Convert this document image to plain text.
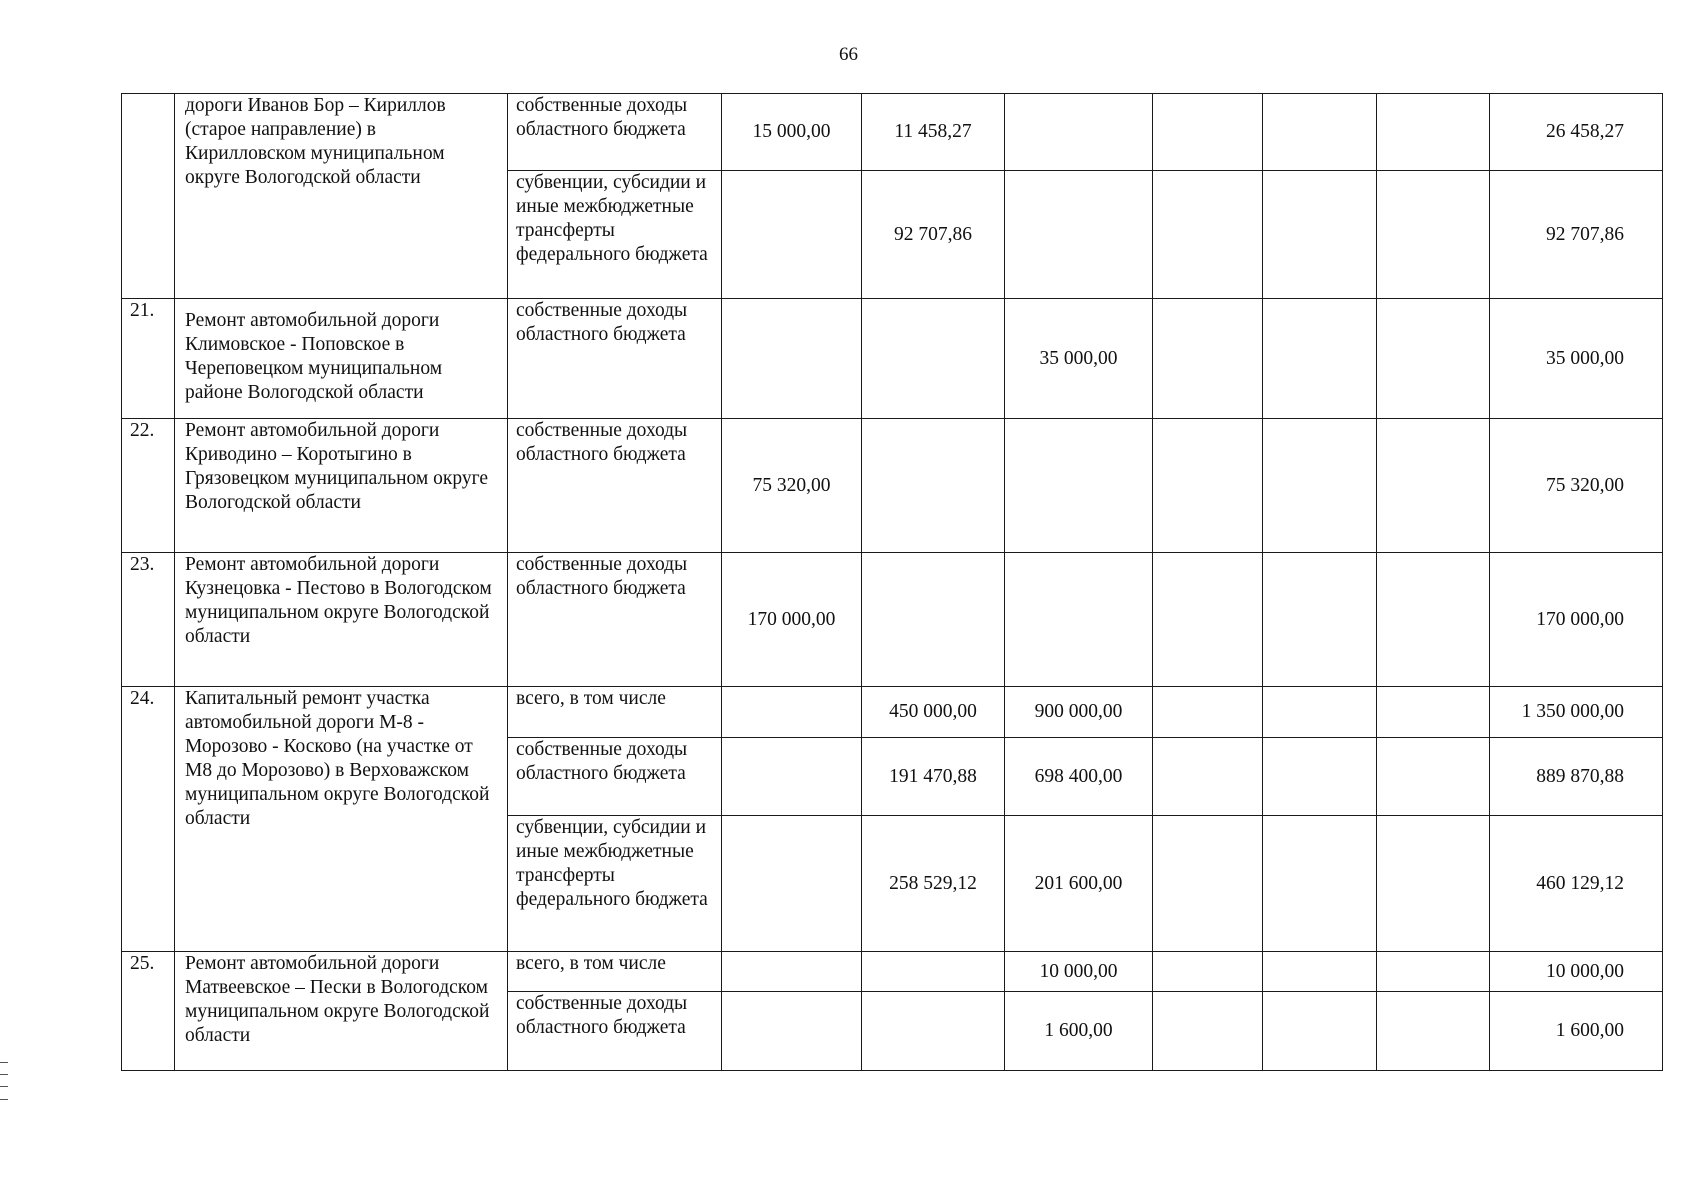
66
	дороги Иванов Бор – Кириллов (старое направление) в Кирилловском муниципальном округе Вологодской области	собственные доходы областного бюджета	15 000,00	11 458,27					26 458,27
		субвенции, субсидии и иные межбюджетные трансферты федерального бюджета		92 707,86					92 707,86
21.	Ремонт автомобильной дороги Климовское - Поповское в Череповецком муниципальном районе Вологодской области	собственные доходы областного бюджета			35 000,00				35 000,00
22.	Ремонт автомобильной дороги Криводино – Коротыгино в Грязовецком муниципальном округе Вологодской области	собственные доходы областного бюджета	75 320,00						75 320,00
23.	Ремонт автомобильной дороги Кузнецовка - Пестово в Вологодском муниципальном округе Вологодской области	собственные доходы областного бюджета	170 000,00						170 000,00
24.	Капитальный ремонт участка автомобильной дороги М-8 - Морозово - Косково (на участке от М8 до Морозово) в Верховажском муниципальном округе Вологодской области	всего, в том числе		450 000,00	900 000,00				1 350 000,00
		собственные доходы областного бюджета		191 470,88	698 400,00				889 870,88
		субвенции, субсидии и иные межбюджетные трансферты федерального бюджета		258 529,12	201 600,00				460 129,12
25.	Ремонт автомобильной дороги Матвеевское – Пески в Вологодском муниципальном округе Вологодской области	всего, в том числе			10 000,00				10 000,00
		собственные доходы областного бюджета			1 600,00				1 600,00
